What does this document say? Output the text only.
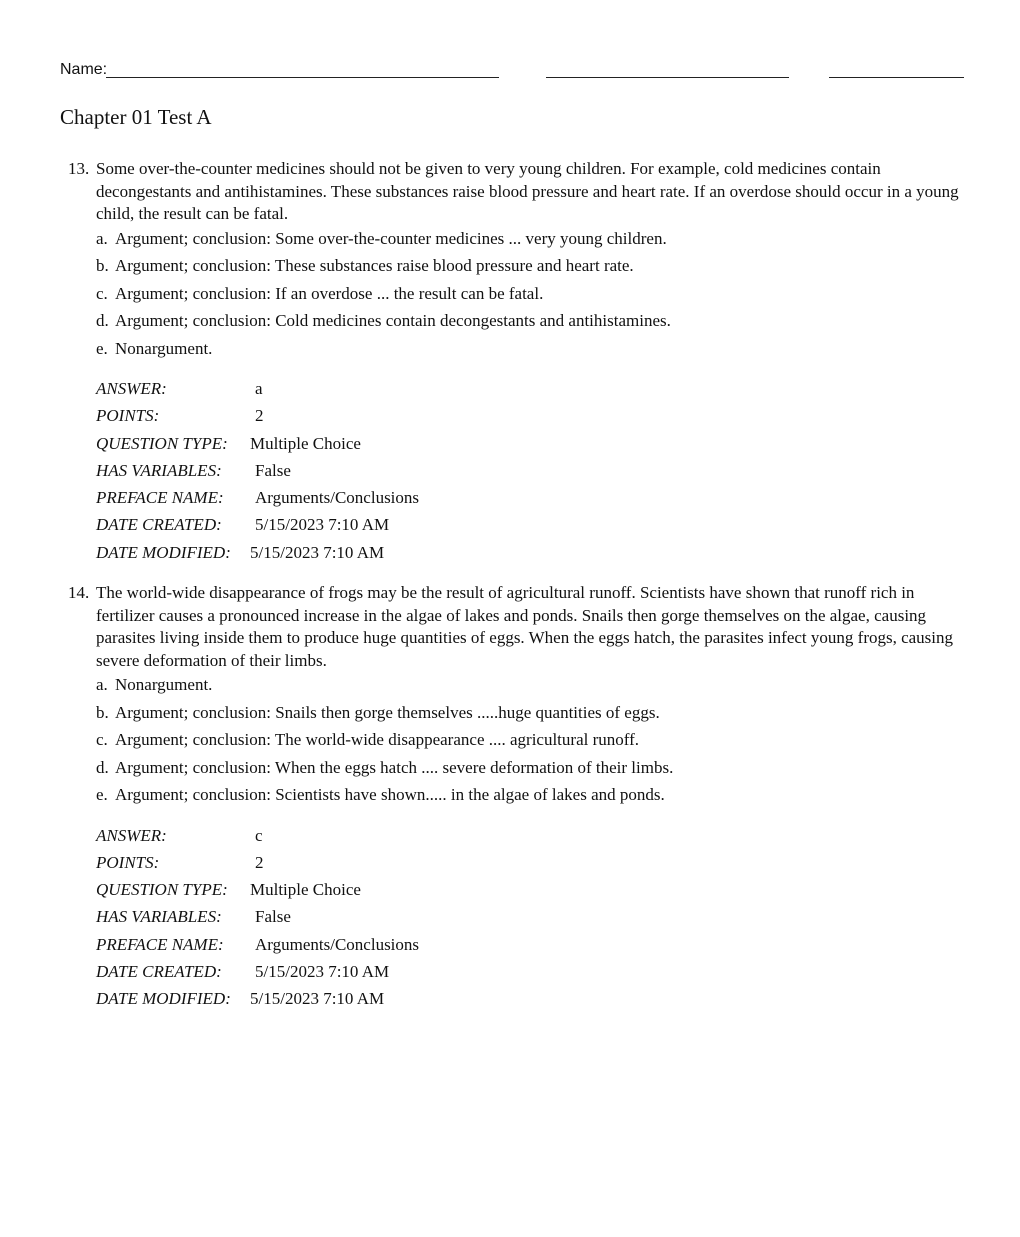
Name:
Chapter 01 Test A
13. Some over-the-counter medicines should not be given to very young children. For example, cold medicines contain decongestants and antihistamines. These substances raise blood pressure and heart rate. If an overdose should occur in a young child, the result can be fatal.
a. Argument; conclusion: Some over-the-counter medicines ... very young children.
b. Argument; conclusion: These substances raise blood pressure and heart rate.
c. Argument; conclusion: If an overdose ... the result can be fatal.
d. Argument; conclusion: Cold medicines contain decongestants and antihistamines.
e. Nonargument.
ANSWER:	a
POINTS:	2
QUESTION TYPE:	Multiple Choice
HAS VARIABLES:	False
PREFACE NAME:	Arguments/Conclusions
DATE CREATED:	5/15/2023 7:10 AM
DATE MODIFIED:	5/15/2023 7:10 AM
14. The world-wide disappearance of frogs may be the result of agricultural runoff. Scientists have shown that runoff rich in fertilizer causes a pronounced increase in the algae of lakes and ponds. Snails then gorge themselves on the algae, causing parasites living inside them to produce huge quantities of eggs. When the eggs hatch, the parasites infect young frogs, causing severe deformation of their limbs.
a. Nonargument.
b. Argument; conclusion: Snails then gorge themselves .....huge quantities of eggs.
c. Argument; conclusion: The world-wide disappearance .... agricultural runoff.
d. Argument; conclusion: When the eggs hatch .... severe deformation of their limbs.
e. Argument; conclusion: Scientists have shown..... in the algae of lakes and ponds.
ANSWER:	c
POINTS:	2
QUESTION TYPE:	Multiple Choice
HAS VARIABLES:	False
PREFACE NAME:	Arguments/Conclusions
DATE CREATED:	5/15/2023 7:10 AM
DATE MODIFIED:	5/15/2023 7:10 AM
